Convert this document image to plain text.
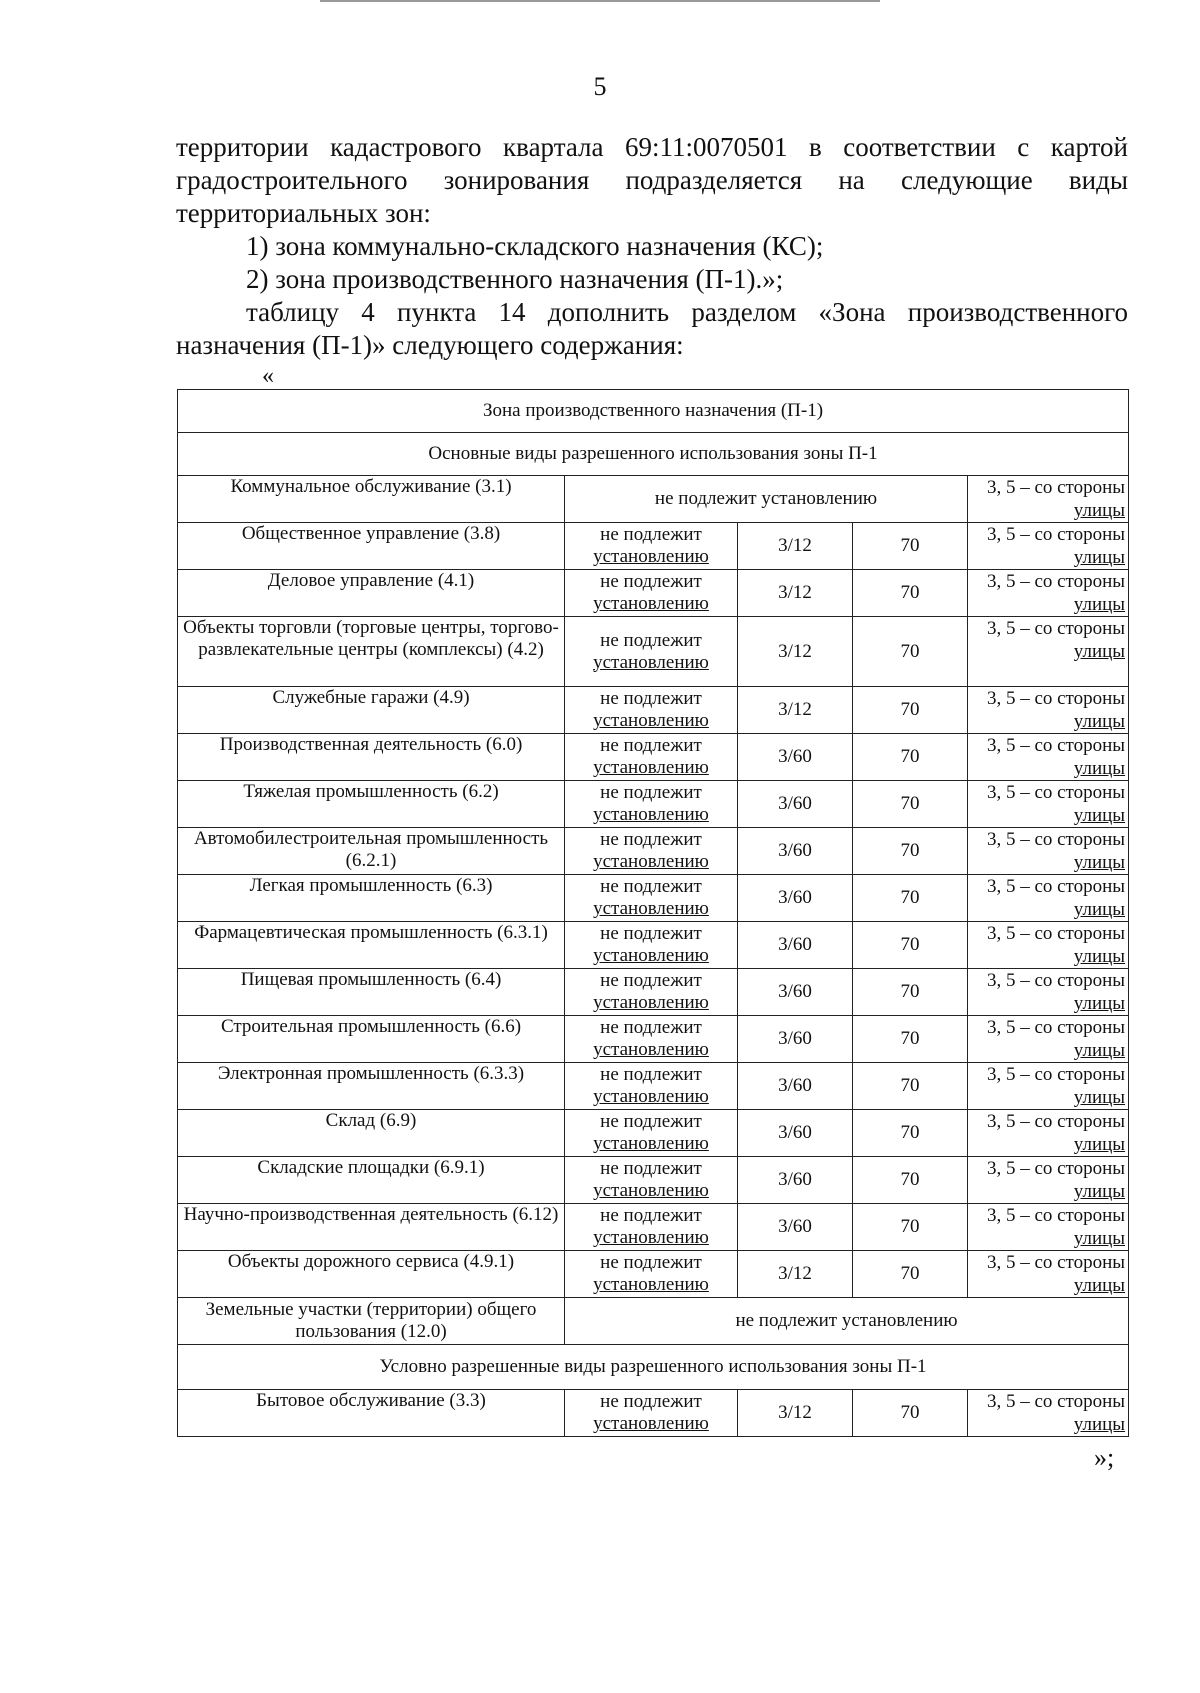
5

территории кадастрового квартала 69:11:0070501 в соответствии с картой

градостроительного зонирования подразделяется на следующие виды

территориальных зон:

1) зона коммунально-складского назначения (КС);

2) зона производственного назначения (П-1).»;

таблицу 4 пункта 14 дополнить разделом «Зона производственного

назначения (П-1)» следующего содержания:

«
Зона производственного назначения (П-1)				
Основные виды разрешенного использования зоны П-1				
Коммунальное обслуживание (3.1)	не подлежит установлению			3, 5 – со стороны
улицы
Общественное управление (3.8)	не подлежит
установлению	3/12	70	3, 5 – со стороны
улицы
Деловое управление (4.1)	не подлежит
установлению	3/12	70	3, 5 – со стороны
улицы
Объекты торговли (торговые центры, торгово- развлекательные центры (комплексы) (4.2)	не подлежит
установлению	3/12	70	3, 5 – со стороны
улицы
Служебные гаражи (4.9)	не подлежит
установлению	3/12	70	3, 5 – со стороны
улицы
Производственная деятельность (6.0)	не подлежит
установлению	3/60	70	3, 5 – со стороны
улицы
Тяжелая промышленность (6.2)	не подлежит
установлению	3/60	70	3, 5 – со стороны
улицы
Автомобилестроительная промышленность (6.2.1)	не подлежит
установлению	3/60	70	3, 5 – со стороны
улицы
Легкая промышленность (6.3)	не подлежит
установлению	3/60	70	3, 5 – со стороны
улицы
Фармацевтическая промышленность (6.3.1)	не подлежит
установлению	3/60	70	3, 5 – со стороны
улицы
Пищевая промышленность (6.4)	не подлежит
установлению	3/60	70	3, 5 – со стороны
улицы
Строительная промышленность (6.6)	не подлежит
установлению	3/60	70	3, 5 – со стороны
улицы
Электронная промышленность (6.3.3)	не подлежит
установлению	3/60	70	3, 5 – со стороны
улицы
Склад (6.9)	не подлежит
установлению	3/60	70	3, 5 – со стороны
улицы
Складские площадки (6.9.1)	не подлежит
установлению	3/60	70	3, 5 – со стороны
улицы
Научно-производственная деятельность (6.12)	не подлежит
установлению	3/60	70	3, 5 – со стороны
улицы
Объекты дорожного сервиса (4.9.1)	не подлежит
установлению	3/12	70	3, 5 – со стороны
улицы
Земельные участки (территории) общего пользования (12.0)	не подлежит установлению			
Условно разрешенные виды разрешенного использования зоны П-1				
Бытовое обслуживание (3.3)	не подлежит
установлению	3/12	70	3, 5 – со стороны
улицы
»;
